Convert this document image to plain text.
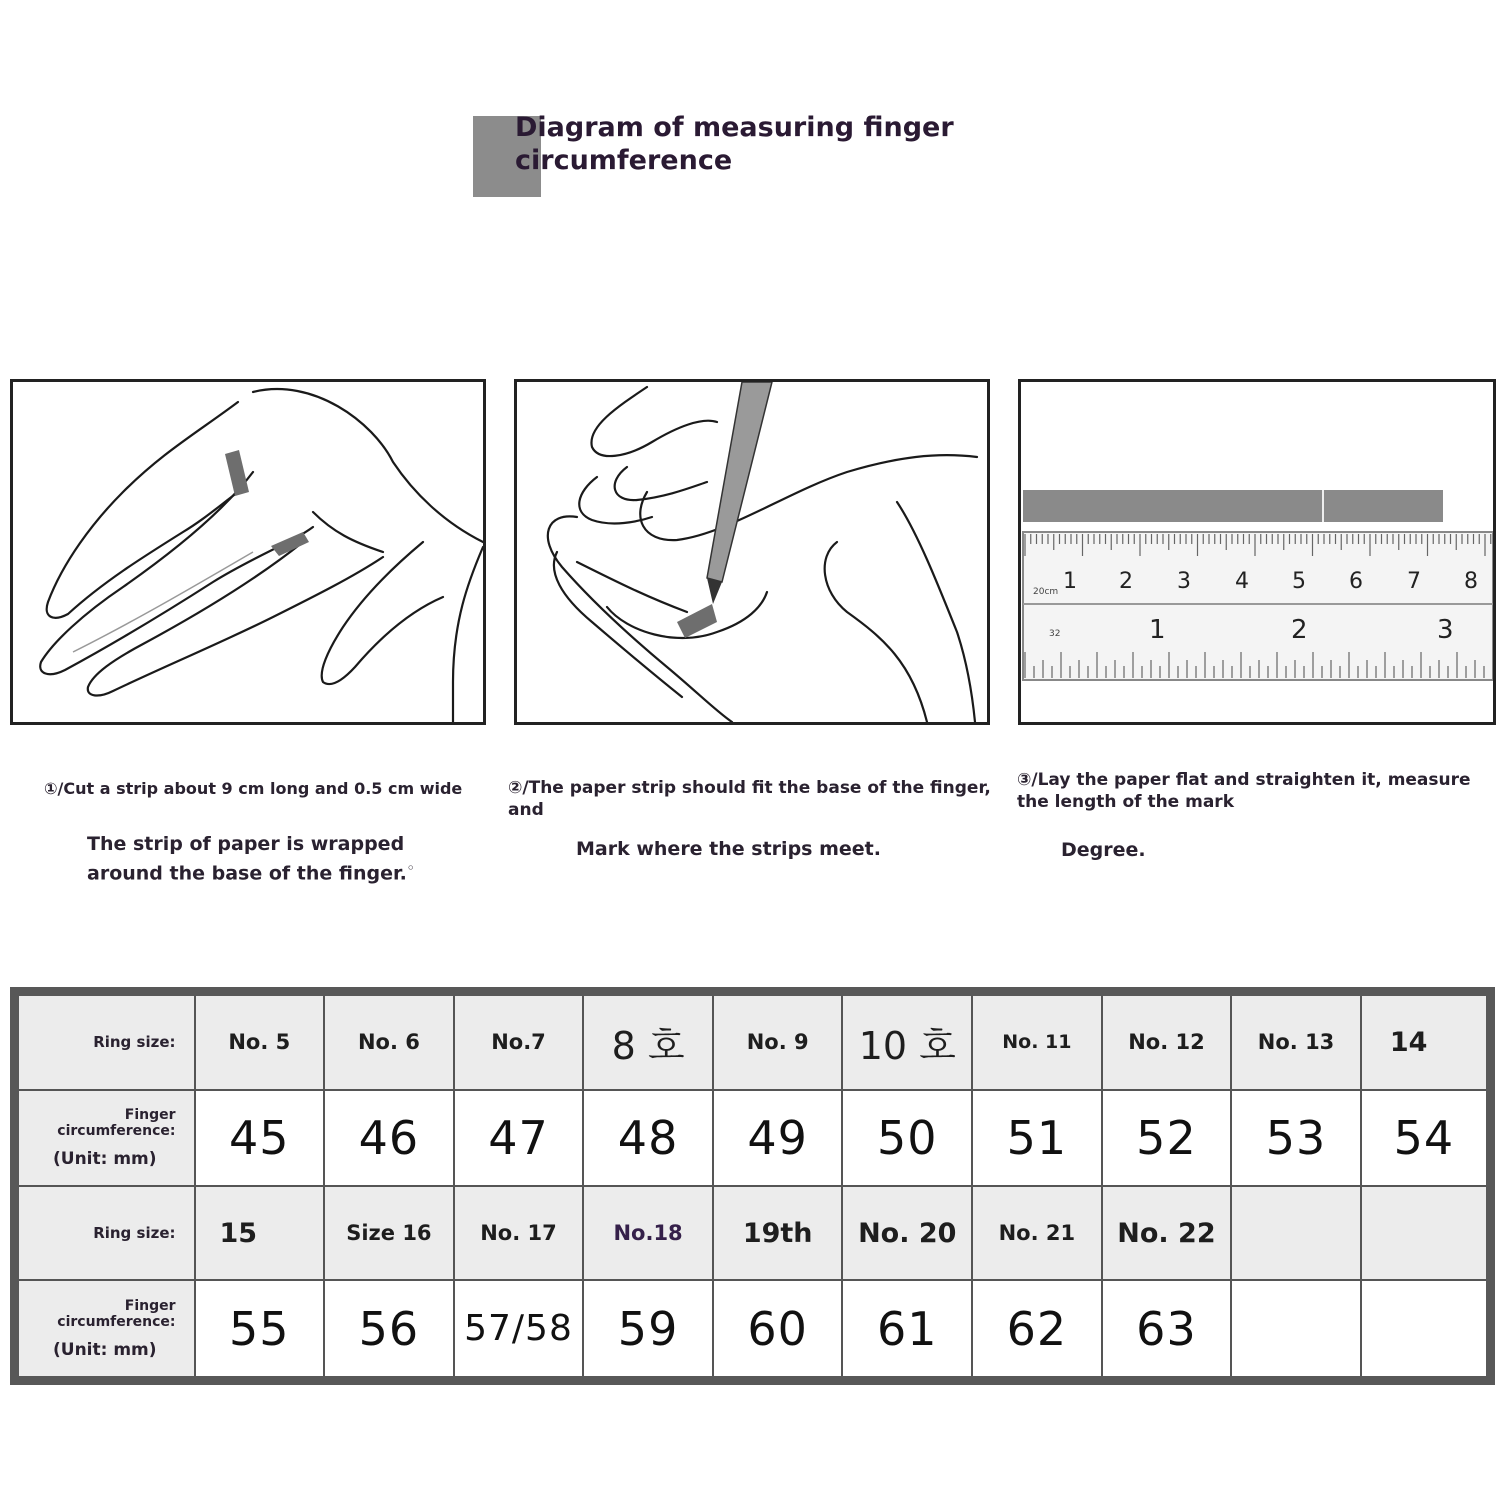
Diagram of measuring finger circumference
20cm
32
1 2 3 4 5 6 7 8
1	2	3
①/Cut a strip about 9 cm long and 0.5 cm wide
The strip of paper is wrapped around the base of the finger.◦
②/The paper strip should fit the base of the finger, and
Mark where the strips meet.
③/Lay the paper flat and straighten it, measure the length of the mark
Degree.
Ring size:	No. 5	No. 6	No.7	8 호	No. 9	10 호	No. 11	No. 12	No. 13	14

Finger circumference:
(Unit: mm)	45	46	47	48	49	50	51	52	53	54

Ring size:	15	Size 16	No. 17	No.18	19th	No. 20	No. 21	No. 22		

Finger circumference:
(Unit: mm)	55	56	57/58	59	60	61	62	63		
